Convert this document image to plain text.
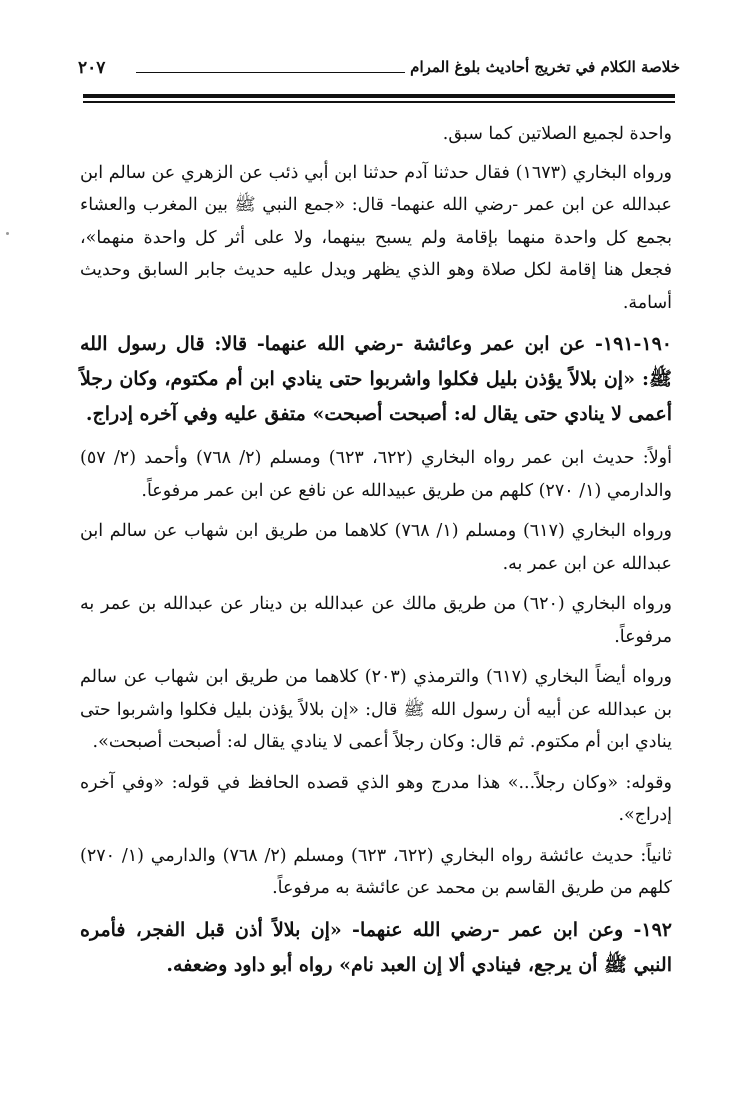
خلاصة الكلام في تخريج أحاديث بلوغ المرام
٢٠٧

واحدة لجميع الصلاتين كما سبق.

ورواه البخاري (١٦٧٣) فقال حدثنا آدم حدثنا ابن أبي ذئب عن الزهري عن سالم ابن عبدالله عن ابن عمر -رضي الله عنهما- قال: «جمع النبي ﷺ بين المغرب والعشاء بجمع كل واحدة منهما بإقامة ولم يسبح بينهما، ولا على أثر كل واحدة منهما»، فجعل هنا إقامة لكل صلاة وهو الذي يظهر ويدل عليه حديث جابر السابق وحديث أسامة.

١٩٠-١٩١- عن ابن عمر وعائشة -رضي الله عنهما- قالا: قال رسول الله ﷺ: «إن بلالاً يؤذن بليل فكلوا واشربوا حتى ينادي ابن أم مكتوم، وكان رجلاً أعمى لا ينادي حتى يقال له: أصبحت أصبحت» متفق عليه وفي آخره إدراج.

أولاً: حديث ابن عمر رواه البخاري (٦٢٢، ٦٢٣) ومسلم (٢/ ٧٦٨) وأحمد (٢/ ٥٧) والدارمي (١/ ٢٧٠) كلهم من طريق عبيدالله عن نافع عن ابن عمر مرفوعاً.

ورواه البخاري (٦١٧) ومسلم (١/ ٧٦٨) كلاهما من طريق ابن شهاب عن سالم ابن عبدالله عن ابن عمر به.

ورواه البخاري (٦٢٠) من طريق مالك عن عبدالله بن دينار عن عبدالله بن عمر به مرفوعاً.

ورواه أيضاً البخاري (٦١٧) والترمذي (٢٠٣) كلاهما من طريق ابن شهاب عن سالم بن عبدالله عن أبيه أن رسول الله ﷺ قال: «إن بلالاً يؤذن بليل فكلوا واشربوا حتى ينادي ابن أم مكتوم. ثم قال: وكان رجلاً أعمى لا ينادي يقال له: أصبحت أصبحت».

وقوله: «وكان رجلاً...» هذا مدرج وهو الذي قصده الحافظ في قوله: «وفي آخره إدراج».

ثانياً: حديث عائشة رواه البخاري (٦٢٢، ٦٢٣) ومسلم (٢/ ٧٦٨) والدارمي (١/ ٢٧٠) كلهم من طريق القاسم بن محمد عن عائشة به مرفوعاً.

١٩٢- وعن ابن عمر -رضي الله عنهما- «إن بلالاً أذن قبل الفجر، فأمره النبي ﷺ أن يرجع، فينادي ألا إن العبد نام» رواه أبو داود وضعفه.
